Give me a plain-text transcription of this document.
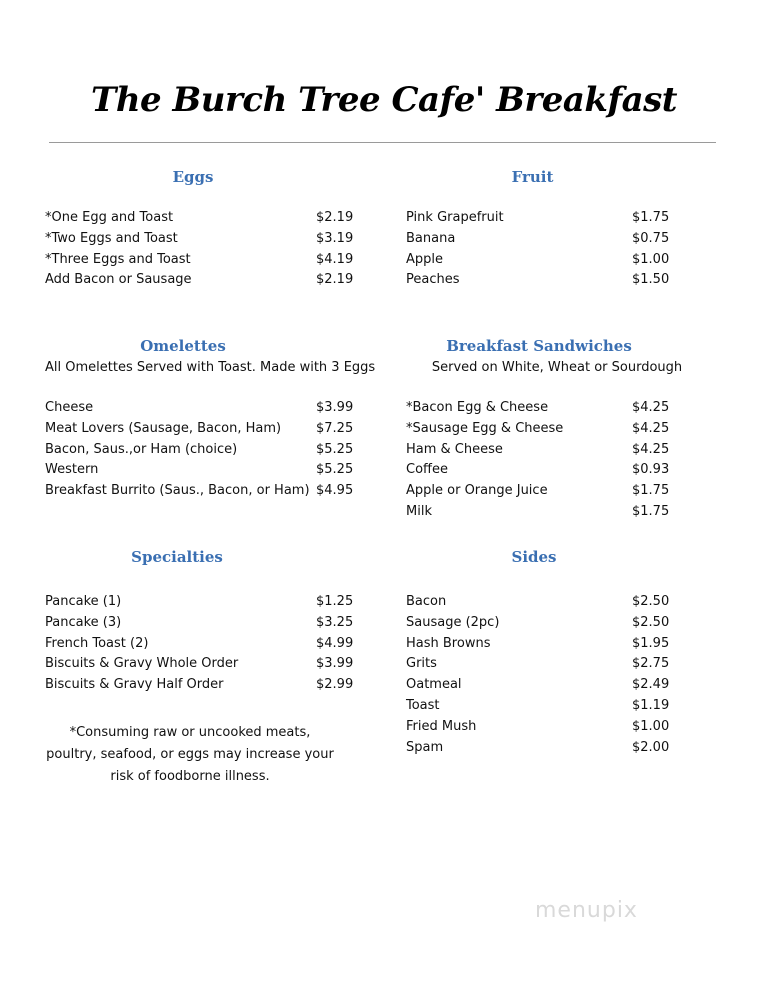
The Burch Tree Cafe' Breakfast
Eggs
*One Egg and Toast	$2.19
*Two Eggs and Toast	$3.19
*Three Eggs and Toast	$4.19
Add Bacon or Sausage	$2.19
Fruit
Pink Grapefruit	$1.75
Banana	$0.75
Apple	$1.00
Peaches	$1.50
Omelettes
All Omelettes Served with Toast. Made with 3 Eggs
Cheese	$3.99
Meat Lovers (Sausage, Bacon, Ham)	$7.25
Bacon, Saus.,or Ham (choice)	$5.25
Western	$5.25
Breakfast Burrito (Saus., Bacon, or Ham) $4.95
Breakfast Sandwiches
Served on White, Wheat or Sourdough
*Bacon Egg & Cheese	$4.25
*Sausage Egg & Cheese	$4.25
Ham & Cheese	$4.25
Coffee	$0.93
Apple or Orange Juice	$1.75
Milk	$1.75
Specialties
Pancake (1)	$1.25
Pancake (3)	$3.25
French Toast (2)	$4.99
Biscuits & Gravy Whole Order	$3.99
Biscuits & Gravy Half Order	$2.99
Sides
Bacon	$2.50
Sausage (2pc)	$2.50
Hash Browns	$1.95
Grits	$2.75
Oatmeal	$2.49
Toast	$1.19
Fried Mush	$1.00
Spam	$2.00
*Consuming raw or uncooked meats, poultry, seafood, or eggs may increase your risk of foodborne illness.
menupix
